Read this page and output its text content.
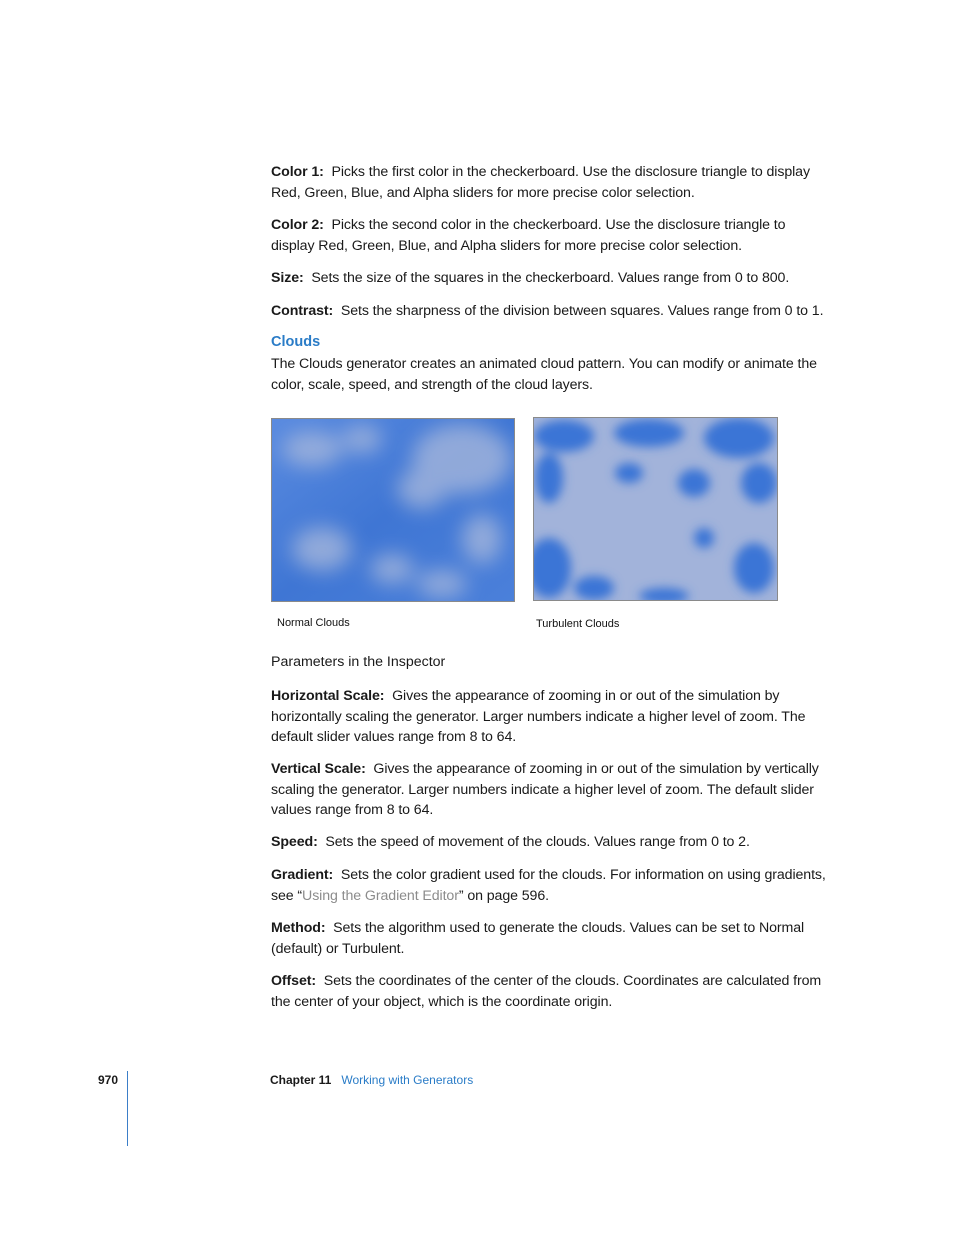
Color 1: Picks the first color in the checkerboard. Use the disclosure triangle to display Red, Green, Blue, and Alpha sliders for more precise color selection.

Color 2: Picks the second color in the checkerboard. Use the disclosure triangle to display Red, Green, Blue, and Alpha sliders for more precise color selection.

Size: Sets the size of the squares in the checkerboard. Values range from 0 to 800.

Contrast: Sets the sharpness of the division between squares. Values range from 0 to 1.

Clouds

The Clouds generator creates an animated cloud pattern. You can modify or animate the color, scale, speed, and strength of the cloud layers.

Normal Clouds	Turbulent Clouds

Parameters in the Inspector

Horizontal Scale: Gives the appearance of zooming in or out of the simulation by horizontally scaling the generator. Larger numbers indicate a higher level of zoom. The default slider values range from 8 to 64.

Vertical Scale: Gives the appearance of zooming in or out of the simulation by vertically scaling the generator. Larger numbers indicate a higher level of zoom. The default slider values range from 8 to 64.

Speed: Sets the speed of movement of the clouds. Values range from 0 to 2.

Gradient: Sets the color gradient used for the clouds. For information on using gradients, see “Using the Gradient Editor” on page 596.

Method: Sets the algorithm used to generate the clouds. Values can be set to Normal (default) or Turbulent.

Offset: Sets the coordinates of the center of the clouds. Coordinates are calculated from the center of your object, which is the coordinate origin.

970	Chapter 11 Working with Generators
